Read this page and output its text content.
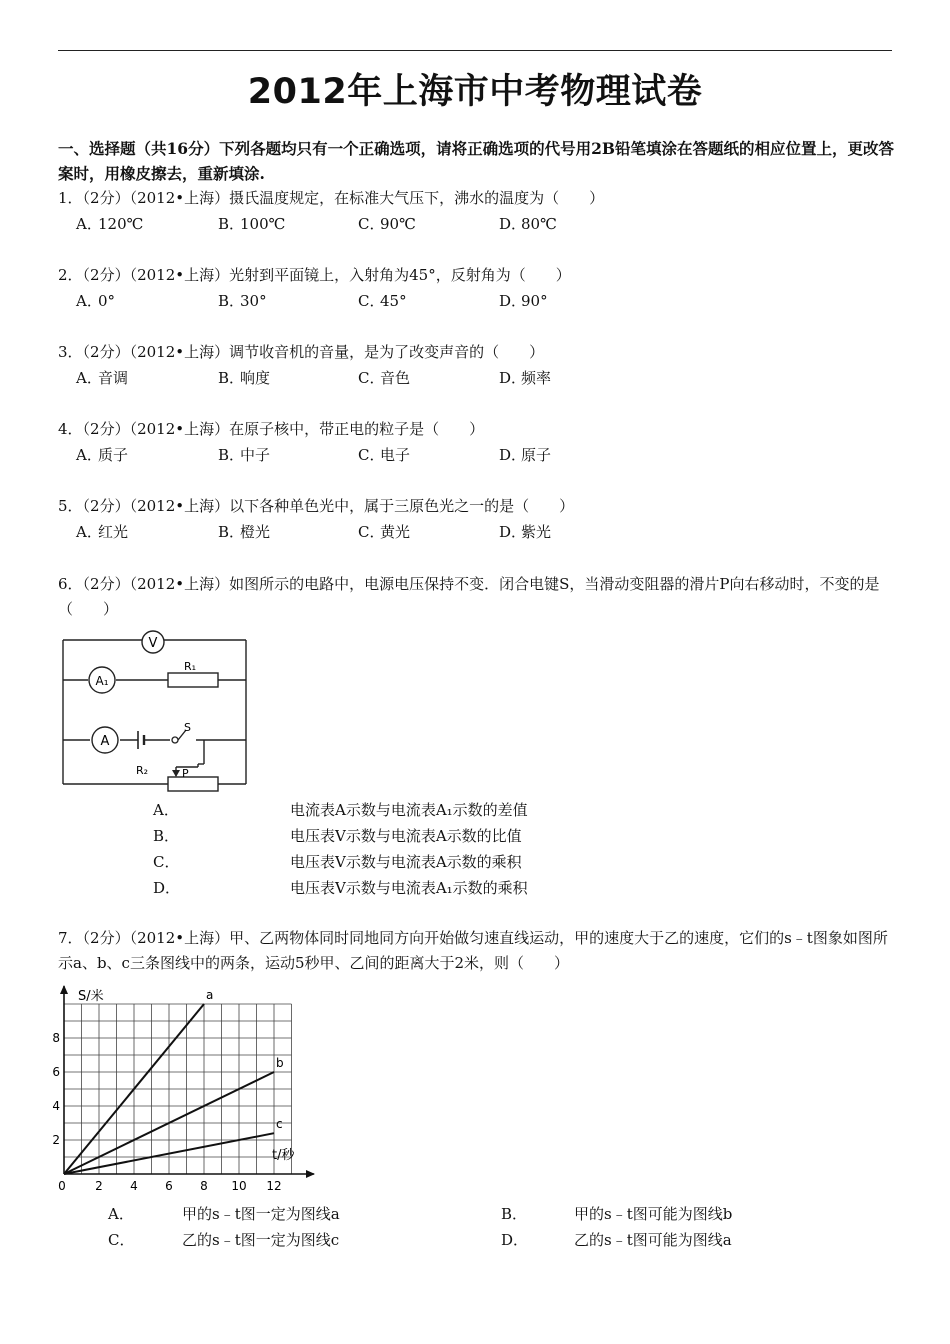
2012年上海市中考物理试卷
一、选择题（共16分）下列各题均只有一个正确选项，请将正确选项的代号用2B铅笔填涂在答题纸的相应位置上，更改答案时，用橡皮擦去，重新填涂.
1．（2分）（2012•上海）摄氏温度规定，在标准大气压下，沸水的温度为（　　）
A．120℃	B．100℃	C．90℃	D．80℃
2．（2分）（2012•上海）光射到平面镜上，入射角为45°，反射角为（　　）
A．0°	B．30°	C．45°	D．90°
3．（2分）（2012•上海）调节收音机的音量，是为了改变声音的（　　）
A．音调	B．响度	C．音色	D．频率
4．（2分）（2012•上海）在原子核中，带正电的粒子是（　　）
A．质子	B．中子	C．电子	D．原子
5．（2分）（2012•上海）以下各种单色光中，属于三原色光之一的是（　　）
A．红光	B．橙光	C．黄光	D．紫光
6．（2分）（2012•上海）如图所示的电路中，电源电压保持不变．闭合电键S，当滑动变阻器的滑片P向右移动时，不变的是（　　）
V
A₁
A
R₁
S
R₂	P
A．	电流表A示数与电流表A₁示数的差值
B．	电压表V示数与电流表A示数的比值
C．	电压表V示数与电流表A示数的乘积
D．	电压表V示数与电流表A₁示数的乘积
7．（2分）（2012•上海）甲、乙两物体同时同地同方向开始做匀速直线运动，甲的速度大于乙的速度，它们的s﹣t图象如图所示a、b、c三条图线中的两条，运动5秒甲、乙间的距离大于2米，则（　　）
a
b
c
0 2 4 6 8 10 12
2
4
6
8
S/米
t/秒
A．	甲的s﹣t图一定为图线a	B．	甲的s﹣t图可能为图线b
C．	乙的s﹣t图一定为图线c	D．	乙的s﹣t图可能为图线a
